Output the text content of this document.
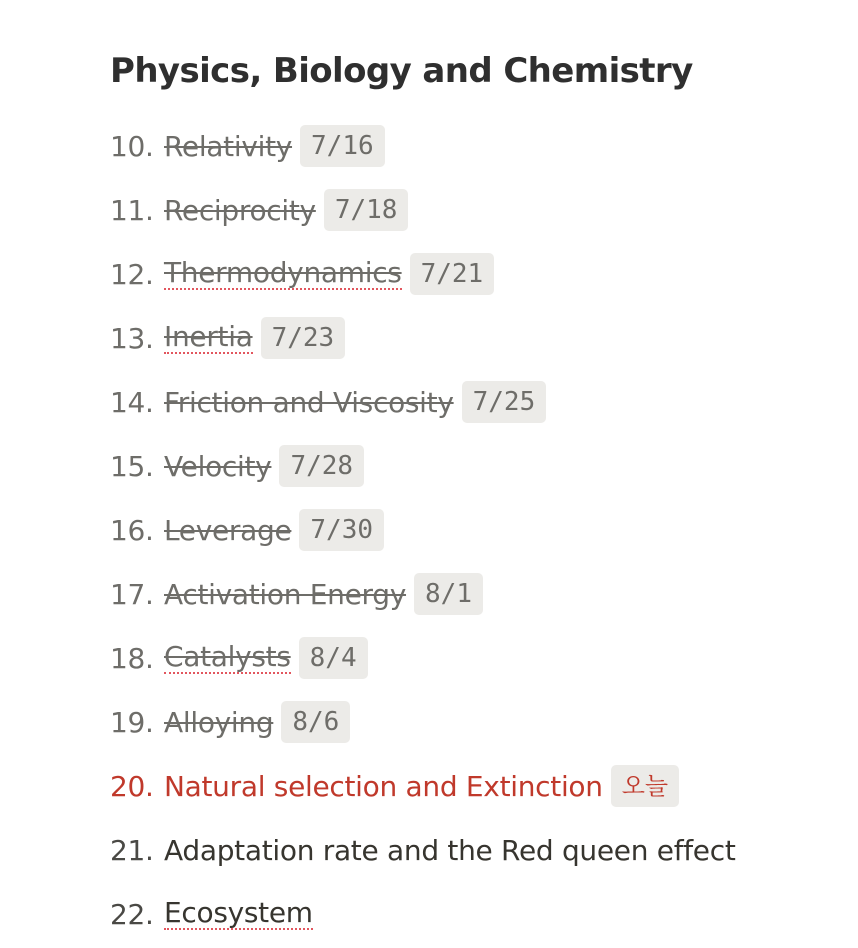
Physics, Biology and Chemistry
10. Relativity 7/16
11. Reciprocity 7/18
12. Thermodynamics 7/21
13. Inertia 7/23
14. Friction and Viscosity 7/25
15. Velocity 7/28
16. Leverage 7/30
17. Activation Energy 8/1
18. Catalysts 8/4
19. Alloying 8/6
20. Natural selection and Extinction 오늘
21. Adaptation rate and the Red queen effect
22. Ecosystem
